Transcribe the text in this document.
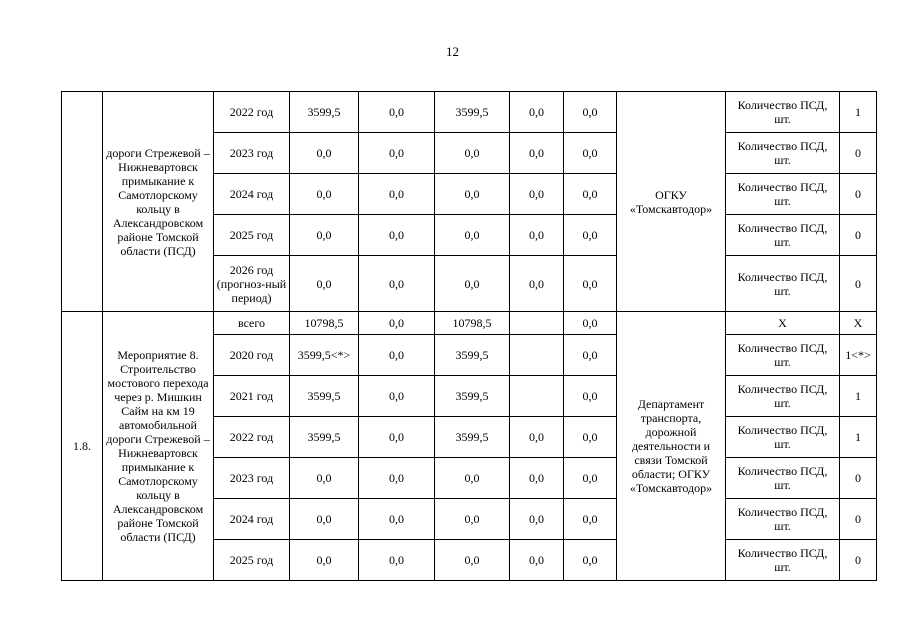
12
	дороги Стрежевой – Нижневартовск примыкание к Самотлорскому кольцу в Александровском районе Томской области (ПСД)	2022 год	3599,5	0,0	3599,5	0,0	0,0	ОГКУ «Томскавтодор»	Количество ПСД, шт.	1
		2023 год	0,0	0,0	0,0	0,0	0,0		Количество ПСД, шт.	0
		2024 год	0,0	0,0	0,0	0,0	0,0		Количество ПСД, шт.	0
		2025 год	0,0	0,0	0,0	0,0	0,0		Количество ПСД, шт.	0
		2026 год (прогноз-ный период)	0,0	0,0	0,0	0,0	0,0		Количество ПСД, шт.	0
1.8.	Мероприятие 8. Строительство мостового перехода через р. Мишкин Сайм на км 19 автомобильной дороги Стрежевой – Нижневартовск примыкание к Самотлорскому кольцу в Александровском районе Томской области (ПСД)	всего	10798,5	0,0	10798,5		0,0	Департамент транспорта, дорожной деятельности и связи Томской области; ОГКУ «Томскавтодор»	X	X
		2020 год	3599,5<*>	0,0	3599,5		0,0		Количество ПСД, шт.	1<*>
		2021 год	3599,5	0,0	3599,5		0,0		Количество ПСД, шт.	1
		2022 год	3599,5	0,0	3599,5	0,0	0,0		Количество ПСД, шт.	1
		2023 год	0,0	0,0	0,0	0,0	0,0		Количество ПСД, шт.	0
		2024 год	0,0	0,0	0,0	0,0	0,0		Количество ПСД, шт.	0
		2025 год	0,0	0,0	0,0	0,0	0,0		Количество ПСД, шт.	0
